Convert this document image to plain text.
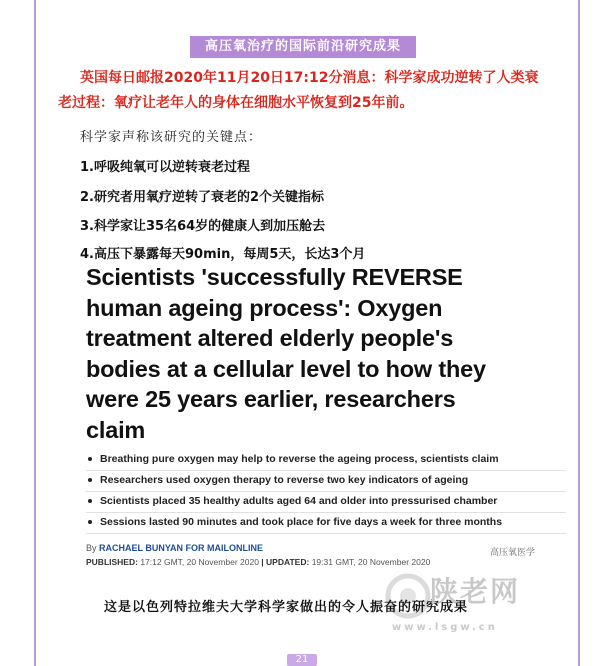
高压氧治疗的国际前沿研究成果
英国每日邮报2020年11月20日17:12分消息：科学家成功逆转了人类衰
老过程：氧疗让老年人的身体在细胞水平恢复到25年前。
科学家声称该研究的关键点：
1.呼吸纯氧可以逆转衰老过程
2.研究者用氧疗逆转了衰老的2个关键指标
3.科学家让35名64岁的健康人到加压舱去
4.高压下暴露每天90min，每周5天，长达3个月
Scientists 'successfully REVERSE
human ageing process': Oxygen
treatment altered elderly people's
bodies at a cellular level to how they
were 25 years earlier, researchers
claim
Breathing pure oxygen may help to reverse the ageing process, scientists claim
Researchers used oxygen therapy to reverse two key indicators of ageing
Scientists placed 35 healthy adults aged 64 and older into pressurised chamber
Sessions lasted 90 minutes and took place for five days a week for three months
By RACHAEL BUNYAN FOR MAILONLINE
PUBLISHED: 17:12 GMT, 20 November 2020 | UPDATED: 19:31 GMT, 20 November 2020
高压氧医学
这是以色列特拉维夫大学科学家做出的令人振奋的研究成果
陕老网
www.lsgw.cn
21
